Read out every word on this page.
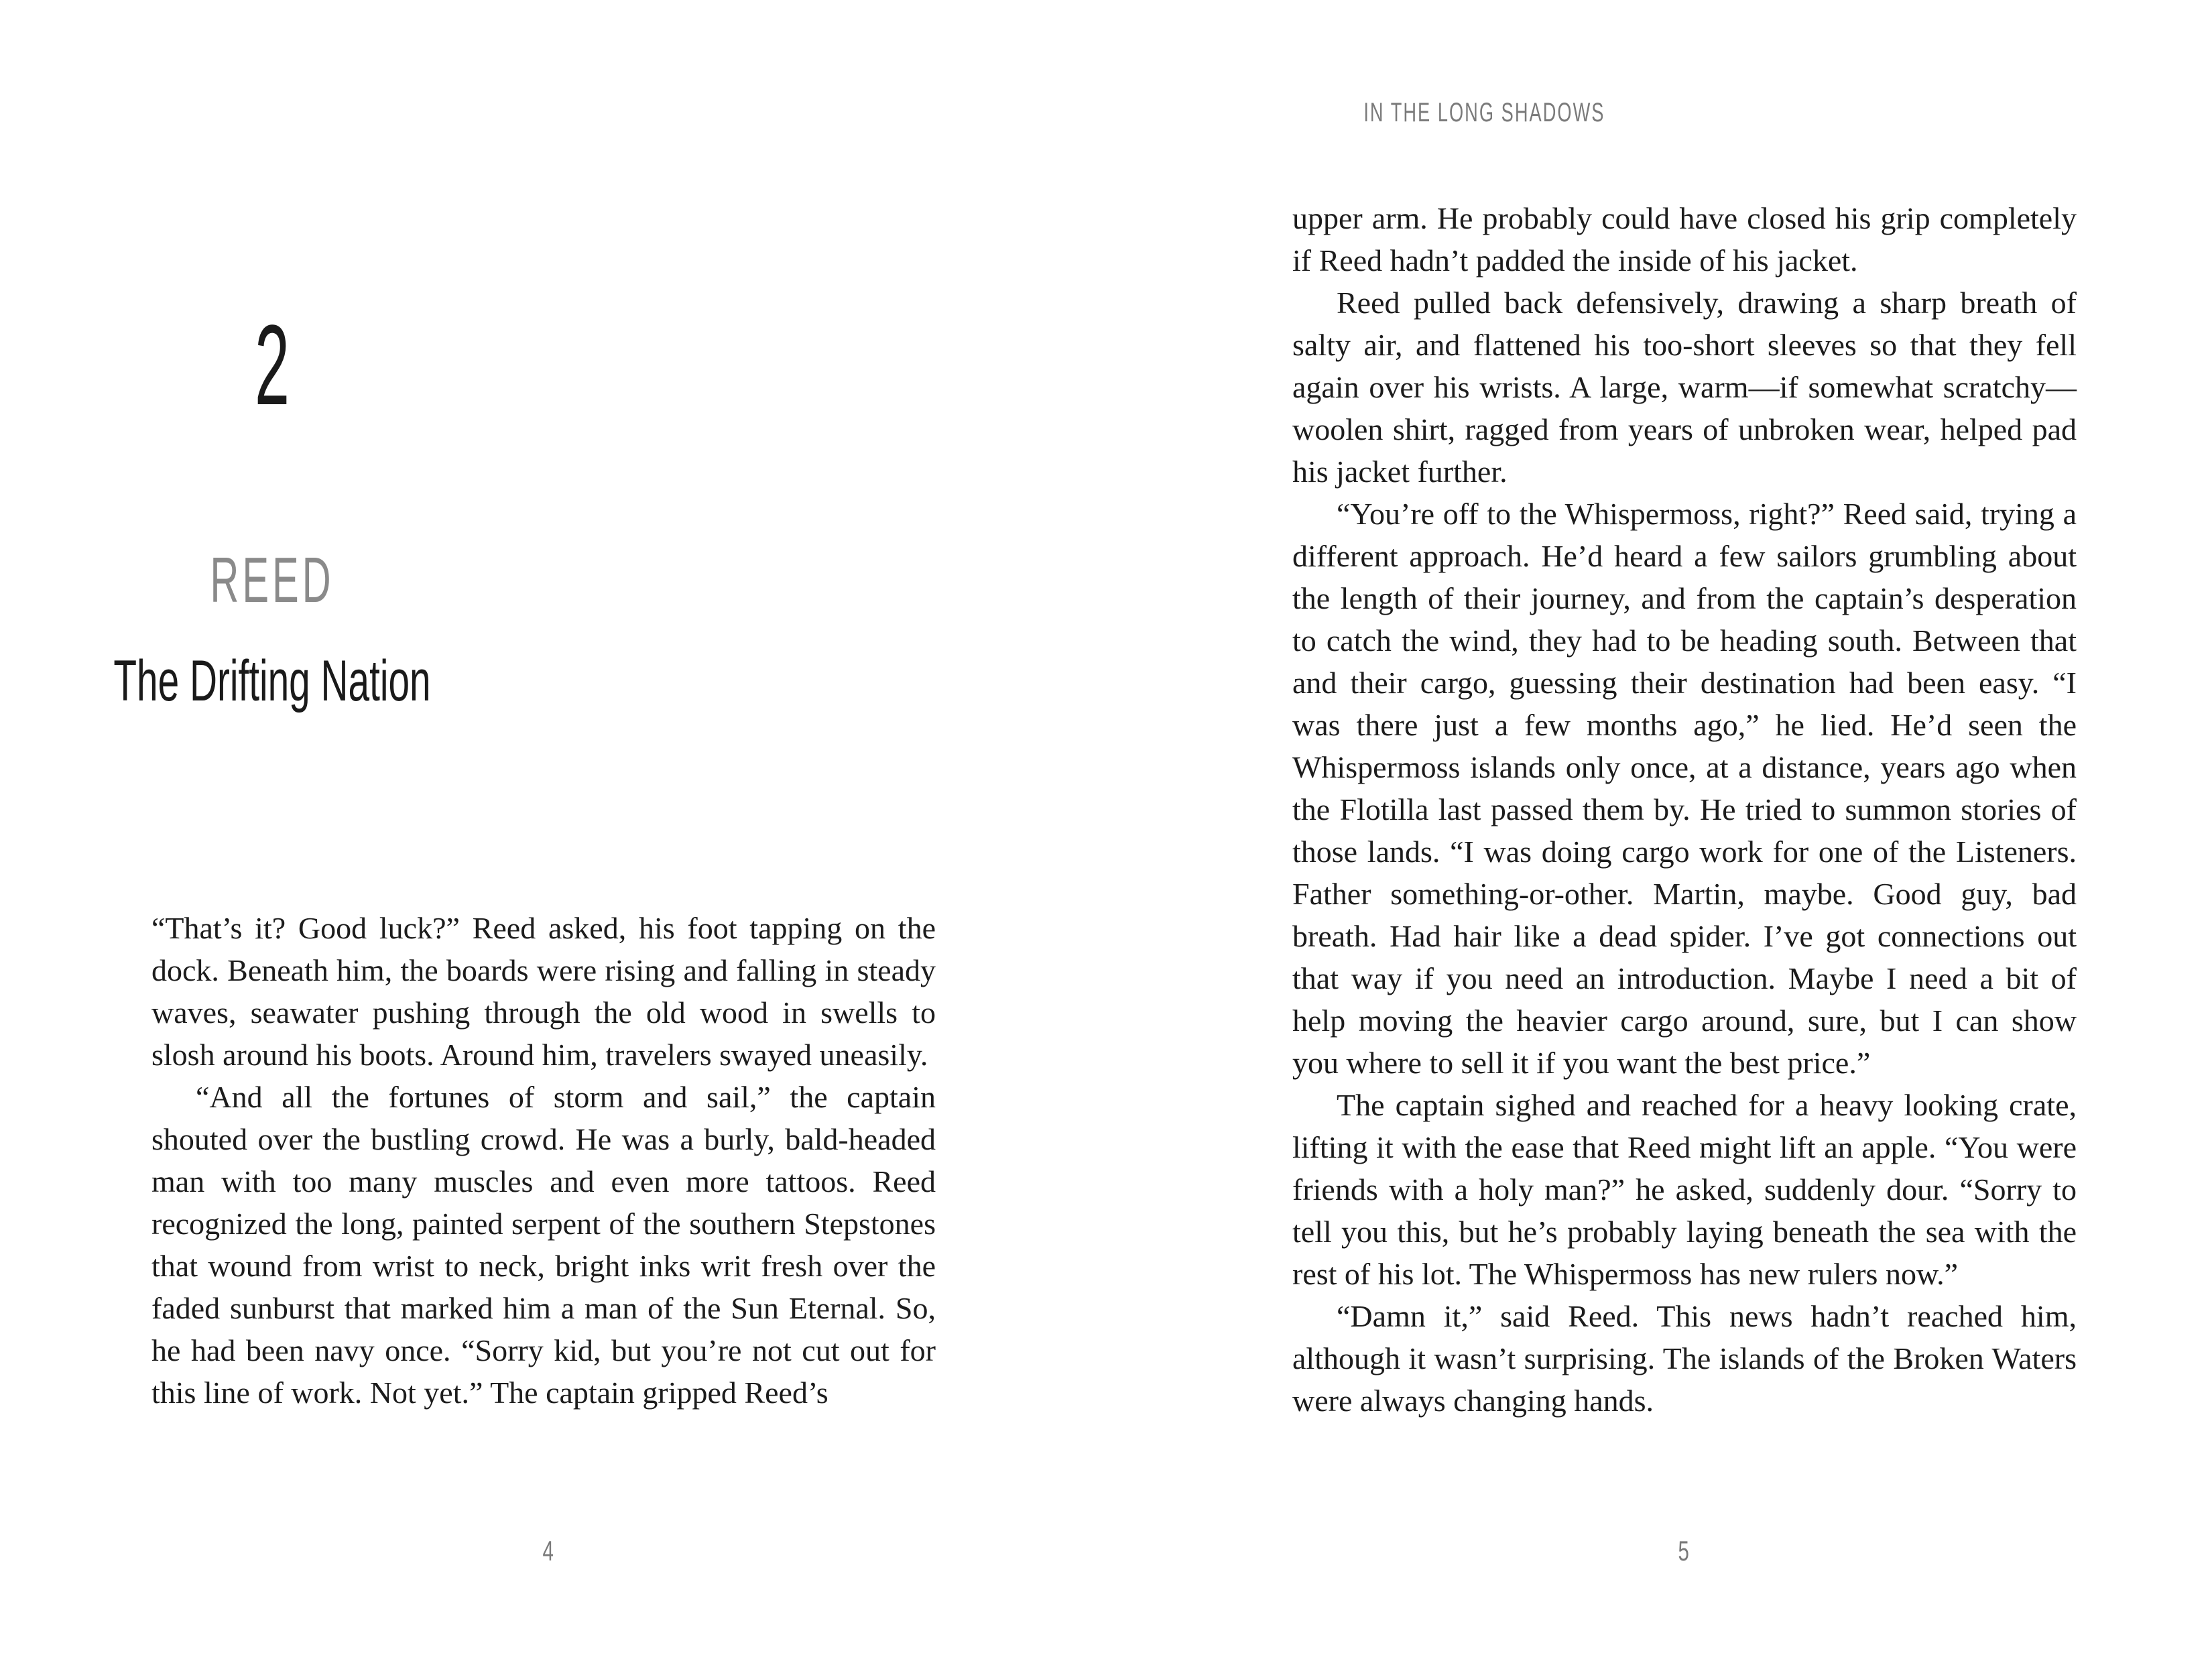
2
REED
The Drifting Nation

“That’s it? Good luck?” Reed asked, his foot tapping on the dock. Beneath him, the boards were rising and falling in steady waves, seawater pushing through the old wood in swells to slosh around his boots. Around him, travelers swayed uneasily.

“And all the fortunes of storm and sail,” the captain shouted over the bustling crowd. He was a burly, bald-headed man with too many muscles and even more tattoos. Reed recognized the long, painted serpent of the southern Stepstones that wound from wrist to neck, bright inks writ fresh over the faded sunburst that marked him a man of the Sun Eternal. So, he had been navy once. “Sorry kid, but you’re not cut out for this line of work. Not yet.” The captain gripped Reed’s

4

upper arm. He probably could have closed his grip completely if Reed hadn’t padded the inside of his jacket.

Reed pulled back defensively, drawing a sharp breath of salty air, and flattened his too-short sleeves so that they fell again over his wrists. A large, warm—if somewhat scratchy—woolen shirt, ragged from years of unbroken wear, helped pad his jacket further.

“You’re off to the Whispermoss, right?” Reed said, trying a different approach. He’d heard a few sailors grumbling about the length of their journey, and from the captain’s desperation to catch the wind, they had to be heading south. Between that and their cargo, guessing their destination had been easy. “I was there just a few months ago,” he lied. He’d seen the Whispermoss islands only once, at a distance, years ago when the Flotilla last passed them by. He tried to summon stories of those lands. “I was doing cargo work for one of the Listeners. Father something-or-other. Martin, maybe. Good guy, bad breath. Had hair like a dead spider. I’ve got connections out that way if you need an introduction. Maybe I need a bit of help moving the heavier cargo around, sure, but I can show you where to sell it if you want the best price.”

The captain sighed and reached for a heavy looking crate, lifting it with the ease that Reed might lift an apple. “You were friends with a holy man?” he asked, suddenly dour. “Sorry to tell you this, but he’s probably laying beneath the sea with the rest of his lot. The Whispermoss has new rulers now.”

“Damn it,” said Reed. This news hadn’t reached him, although it wasn’t surprising. The islands of the Broken Waters were always changing hands.

5
IN THE LONG SHADOWS
